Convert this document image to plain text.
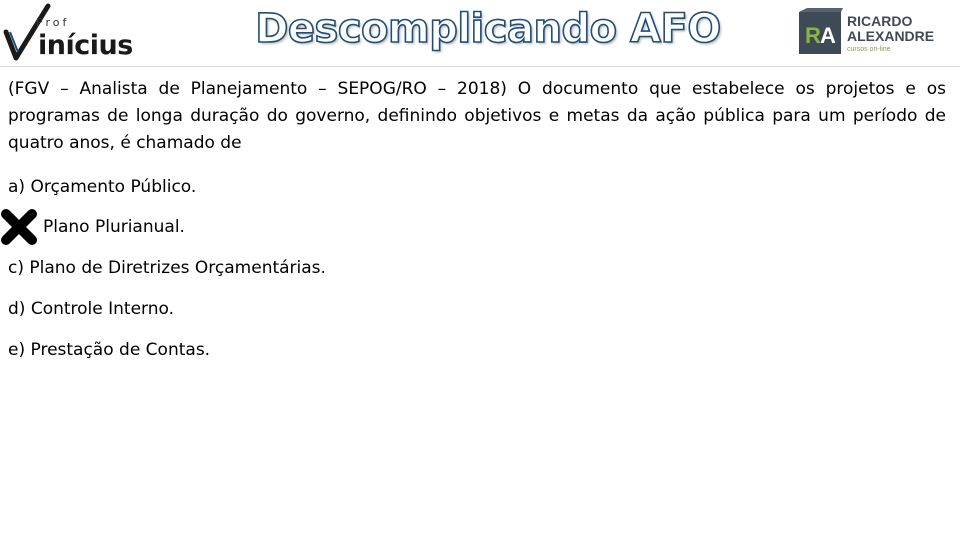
Prof
inícius	Descomplicando AFO	R A
RICARDO
ALEXANDRE
cursos on-line

(FGV – Analista de Planejamento – SEPOG/RO – 2018) O documento que estabelece os projetos e os programas de longa duração do governo, definindo objetivos e metas da ação pública para um período de quatro anos, é chamado de

a) Orçamento Público.

Plano Plurianual.

c) Plano de Diretrizes Orçamentárias.

d) Controle Interno.

e) Prestação de Contas.
